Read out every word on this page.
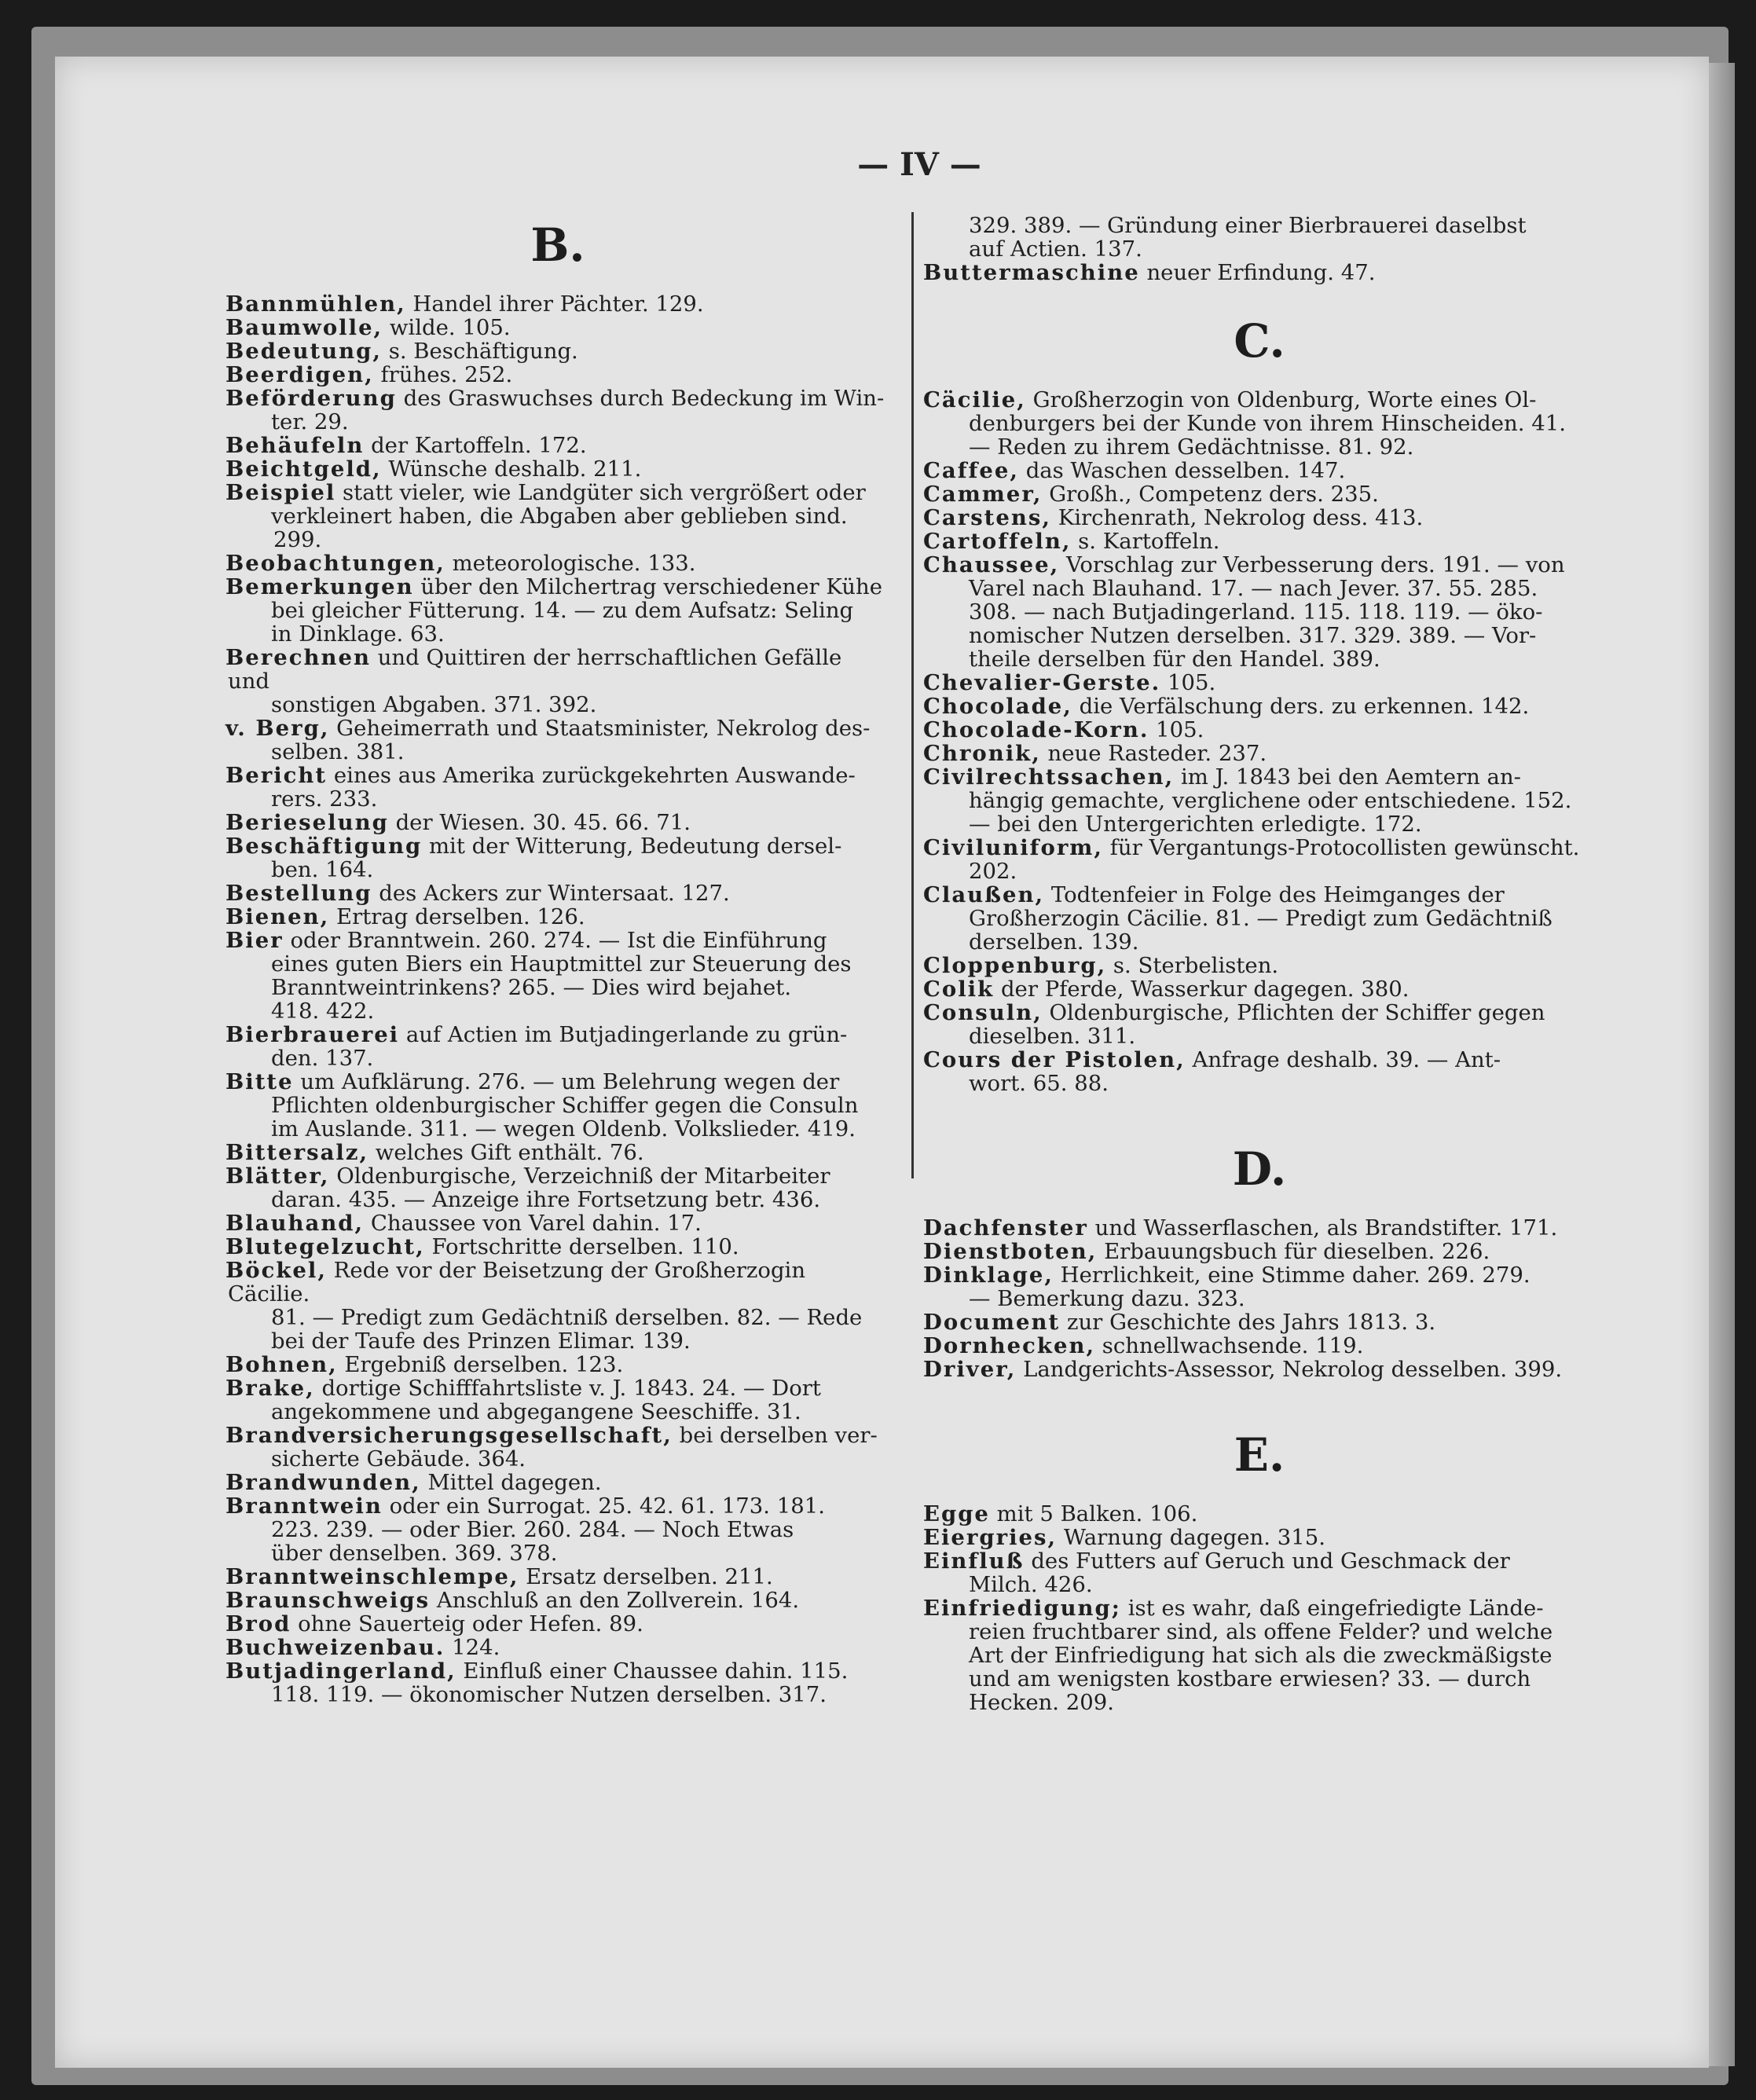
— IV —
B.

Bannmühlen, Handel ihrer Pächter. 129.

Baumwolle, wilde. 105.

Bedeutung, s. Beschäftigung.

Beerdigen, frühes. 252.

Beförderung des Graswuchses durch Bedeckung im Win-
ter. 29.

Behäufeln der Kartoffeln. 172.

Beichtgeld, Wünsche deshalb. 211.

Beispiel statt vieler, wie Landgüter sich vergrößert oder
verkleinert haben, die Abgaben aber geblieben sind. 299.

Beobachtungen, meteorologische. 133.

Bemerkungen über den Milchertrag verschiedener Kühe
bei gleicher Fütterung. 14. — zu dem Aufsatz: Seling
in Dinklage. 63.

Berechnen und Quittiren der herrschaftlichen Gefälle und
sonstigen Abgaben. 371. 392.

v. Berg, Geheimerrath und Staatsminister, Nekrolog des-
selben. 381.

Bericht eines aus Amerika zurückgekehrten Auswande-
rers. 233.

Berieselung der Wiesen. 30. 45. 66. 71.

Beschäftigung mit der Witterung, Bedeutung dersel-
ben. 164.

Bestellung des Ackers zur Wintersaat. 127.

Bienen, Ertrag derselben. 126.

Bier oder Branntwein. 260. 274. — Ist die Einführung
eines guten Biers ein Hauptmittel zur Steuerung des
Branntweintrinkens? 265. — Dies wird bejahet.
418. 422.

Bierbrauerei auf Actien im Butjadingerlande zu grün-
den. 137.

Bitte um Aufklärung. 276. — um Belehrung wegen der
Pflichten oldenburgischer Schiffer gegen die Consuln
im Auslande. 311. — wegen Oldenb. Volkslieder. 419.

Bittersalz, welches Gift enthält. 76.

Blätter, Oldenburgische, Verzeichniß der Mitarbeiter
daran. 435. — Anzeige ihre Fortsetzung betr. 436.

Blauhand, Chaussee von Varel dahin. 17.

Blutegelzucht, Fortschritte derselben. 110.

Böckel, Rede vor der Beisetzung der Großherzogin Cäcilie.
81. — Predigt zum Gedächtniß derselben. 82. — Rede
bei der Taufe des Prinzen Elimar. 139.

Bohnen, Ergebniß derselben. 123.

Brake, dortige Schifffahrtsliste v. J. 1843. 24. — Dort
angekommene und abgegangene Seeschiffe. 31.

Brandversicherungsgesellschaft, bei derselben ver-
sicherte Gebäude. 364.

Brandwunden, Mittel dagegen.

Branntwein oder ein Surrogat. 25. 42. 61. 173. 181.
223. 239. — oder Bier. 260. 284. — Noch Etwas
über denselben. 369. 378.

Branntweinschlempe, Ersatz derselben. 211.

Braunschweigs Anschluß an den Zollverein. 164.

Brod ohne Sauerteig oder Hefen. 89.

Buchweizenbau. 124.

Butjadingerland, Einfluß einer Chaussee dahin. 115.
118. 119. — ökonomischer Nutzen derselben. 317.

329. 389. — Gründung einer Bierbrauerei daselbst

auf Actien. 137.

Buttermaschine neuer Erfindung. 47.

C.

Cäcilie, Großherzogin von Oldenburg, Worte eines Ol-
denburgers bei der Kunde von ihrem Hinscheiden. 41.
— Reden zu ihrem Gedächtnisse. 81. 92.

Caffee, das Waschen desselben. 147.

Cammer, Großh., Competenz ders. 235.

Carstens, Kirchenrath, Nekrolog dess. 413.

Cartoffeln, s. Kartoffeln.

Chaussee, Vorschlag zur Verbesserung ders. 191. — von
Varel nach Blauhand. 17. — nach Jever. 37. 55. 285.
308. — nach Butjadingerland. 115. 118. 119. — öko-
nomischer Nutzen derselben. 317. 329. 389. — Vor-
theile derselben für den Handel. 389.

Chevalier-Gerste. 105.

Chocolade, die Verfälschung ders. zu erkennen. 142.

Chocolade-Korn. 105.

Chronik, neue Rasteder. 237.

Civilrechtssachen, im J. 1843 bei den Aemtern an-
hängig gemachte, verglichene oder entschiedene. 152.
— bei den Untergerichten erledigte. 172.

Civiluniform, für Vergantungs-Protocollisten gewünscht.
202.

Claußen, Todtenfeier in Folge des Heimganges der
Großherzogin Cäcilie. 81. — Predigt zum Gedächtniß
derselben. 139.

Cloppenburg, s. Sterbelisten.

Colik der Pferde, Wasserkur dagegen. 380.

Consuln, Oldenburgische, Pflichten der Schiffer gegen
dieselben. 311.

Cours der Pistolen, Anfrage deshalb. 39. — Ant-
wort. 65. 88.

D.

Dachfenster und Wasserflaschen, als Brandstifter. 171.

Dienstboten, Erbauungsbuch für dieselben. 226.

Dinklage, Herrlichkeit, eine Stimme daher. 269. 279.
— Bemerkung dazu. 323.

Document zur Geschichte des Jahrs 1813. 3.

Dornhecken, schnellwachsende. 119.

Driver, Landgerichts-Assessor, Nekrolog desselben. 399.

E.

Egge mit 5 Balken. 106.

Eiergries, Warnung dagegen. 315.

Einfluß des Futters auf Geruch und Geschmack der
Milch. 426.

Einfriedigung; ist es wahr, daß eingefriedigte Lände-
reien fruchtbarer sind, als offene Felder? und welche
Art der Einfriedigung hat sich als die zweckmäßigste
und am wenigsten kostbare erwiesen? 33. — durch
Hecken. 209.
